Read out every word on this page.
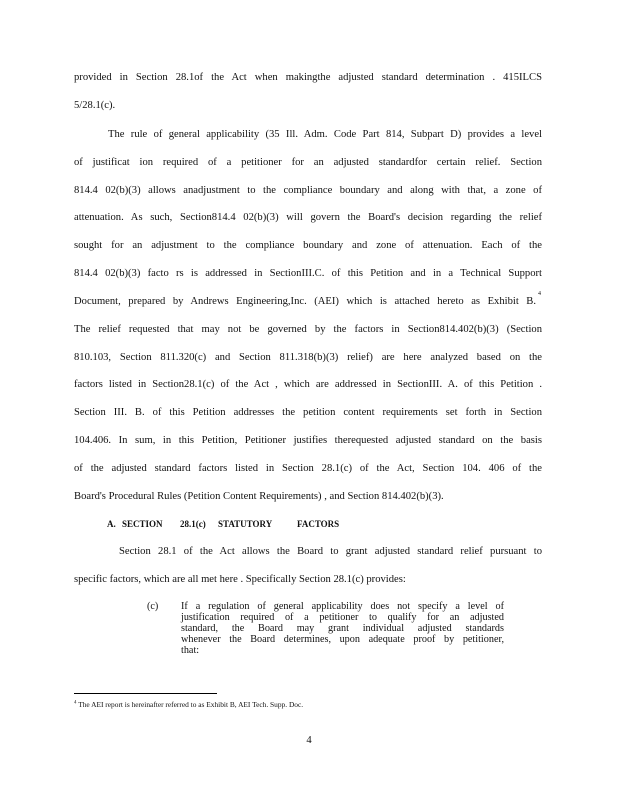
provided in Section 28.1of the Act when makingthe adjusted standard determination . 415ILCS
5/28.1(c).
The rule of general applicability (35 Ill. Adm. Code Part 814, Subpart D) provides a level
of justificat ion required of a petitioner for an adjusted standardfor certain relief. Section
814.4 02(b)(3) allows anadjustment to the compliance boundary and along with that, a zone of
attenuation. As such, Section814.4 02(b)(3) will govern the Board's decision regarding the relief
sought for an adjustment to the compliance boundary and zone of attenuation. Each of the
814.4 02(b)(3) facto rs is addressed in SectionIII.C. of this Petition and in a Technical Support
Document, prepared by Andrews Engineering,Inc. (AEI) which is attached hereto as Exhibit B.
4
The relief requested that may not be governed by the factors in Section814.402(b)(3) (Section
810.103, Section 811.320(c) and Section 811.318(b)(3) relief) are here analyzed based on the
factors listed in Section28.1(c) of the Act , which are addressed in SectionIII. A. of this Petition .
Section III. B. of this Petition addresses the petition content requirements set forth in Section
104.406. In sum, in this Petition, Petitioner justifies therequested adjusted standard on the basis
of the adjusted standard factors listed in Section 28.1(c) of the Act, Section 104. 406 of the
Board's Procedural Rules (Petition Content Requirements) , and Section 814.402(b)(3).
A. SECTION 28.1(c) STATUTORY	FACTORS
Section 28.1 of the Act allows the Board to grant adjusted standard relief pursuant to
specific factors, which are all met here . Specifically Section 28.1(c) provides:
(c) If a regulation of general applicability does not specify a level of
justification required of a petitioner to qualify for an adjusted
standard, the Board may grant individual adjusted standards
whenever the Board determines, upon adequate proof by petitioner,
that:
$^4$ The AEI report is hereinafter referred to as Exhibit B, AEI Tech. Supp. Doc.
4
